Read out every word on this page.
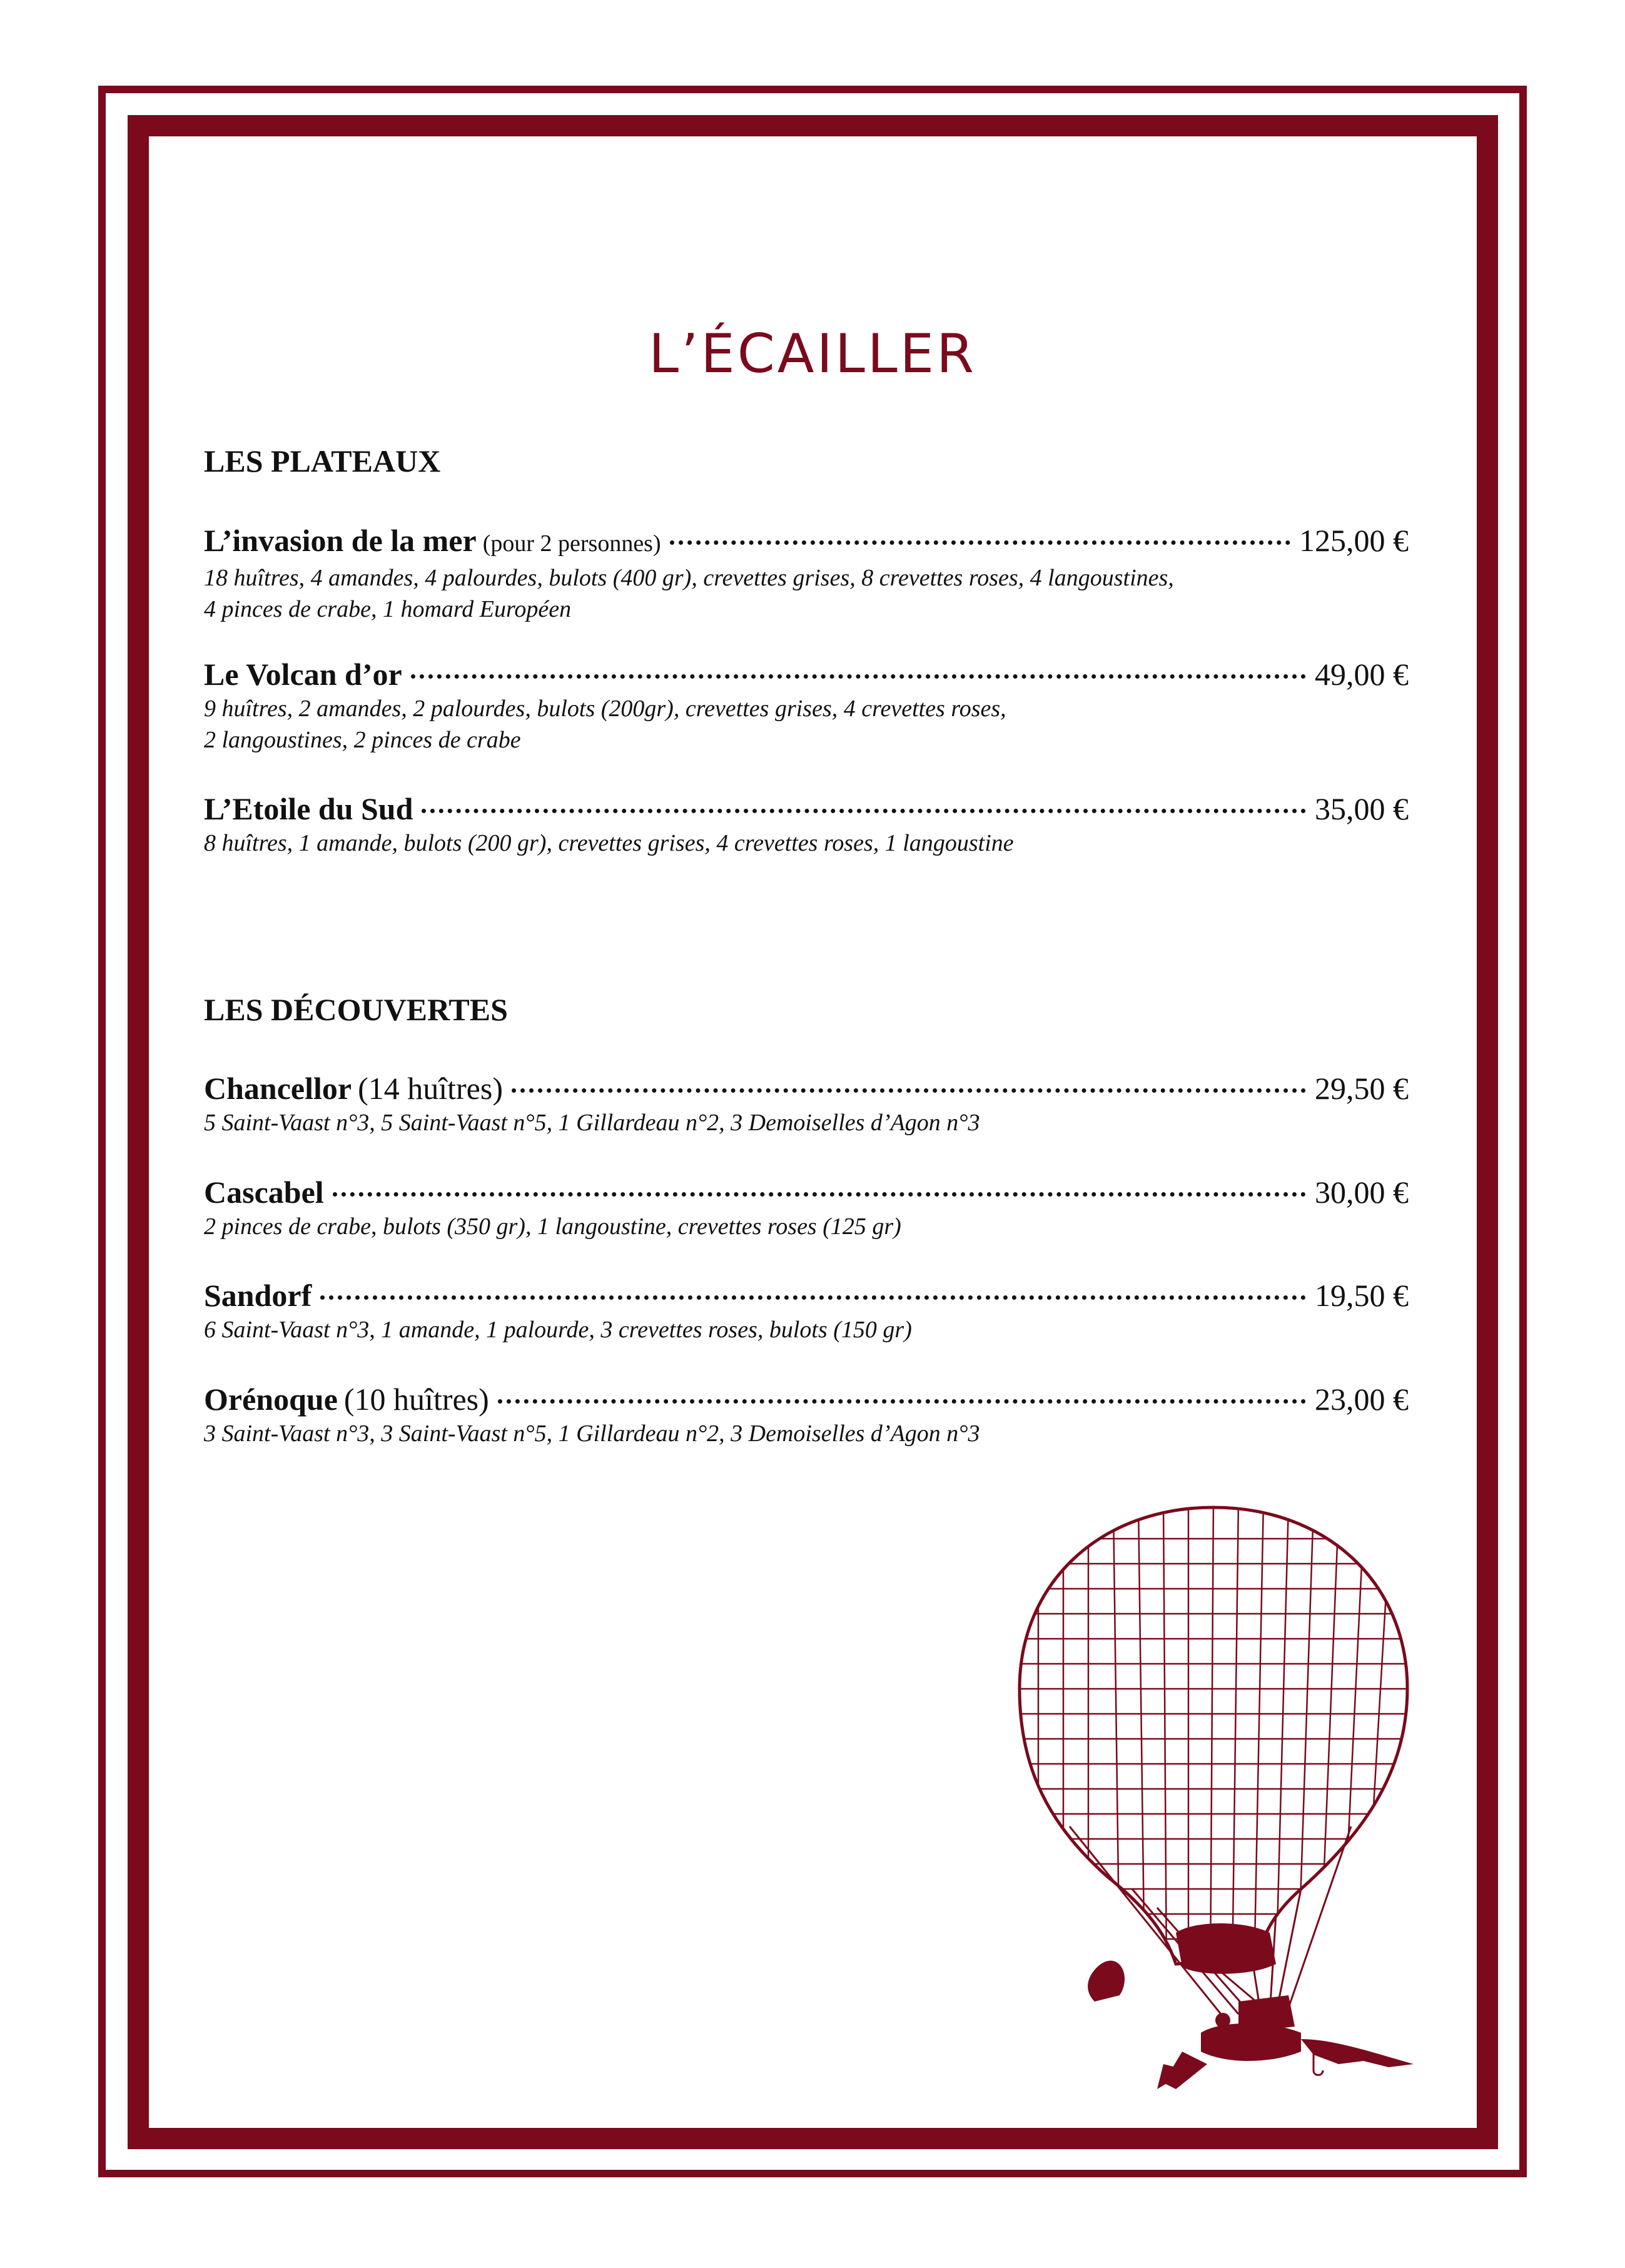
L’ÉCAILLER
LES PLATEAUX
L’invasion de la mer (pour 2 personnes)	125,00 €
18 huîtres, 4 amandes, 4 palourdes, bulots (400 gr), crevettes grises, 8 crevettes roses, 4 langoustines,
4 pinces de crabe, 1 homard Européen
Le Volcan d’or	49,00 €
9 huîtres, 2 amandes, 2 palourdes, bulots (200gr), crevettes grises, 4 crevettes roses,
2 langoustines, 2 pinces de crabe
L’Etoile du Sud	35,00 €
8 huîtres, 1 amande, bulots (200 gr), crevettes grises, 4 crevettes roses, 1 langoustine
LES DÉCOUVERTES
Chancellor (14 huîtres)	29,50 €
5 Saint-Vaast n°3, 5 Saint-Vaast n°5, 1 Gillardeau n°2, 3 Demoiselles d’Agon n°3
Cascabel	30,00 €
2 pinces de crabe, bulots (350 gr), 1 langoustine, crevettes roses (125 gr)
Sandorf	19,50 €
6 Saint-Vaast n°3, 1 amande, 1 palourde, 3 crevettes roses, bulots (150 gr)
Orénoque (10 huîtres)	23,00 €
3 Saint-Vaast n°3, 3 Saint-Vaast n°5, 1 Gillardeau n°2, 3 Demoiselles d’Agon n°3
